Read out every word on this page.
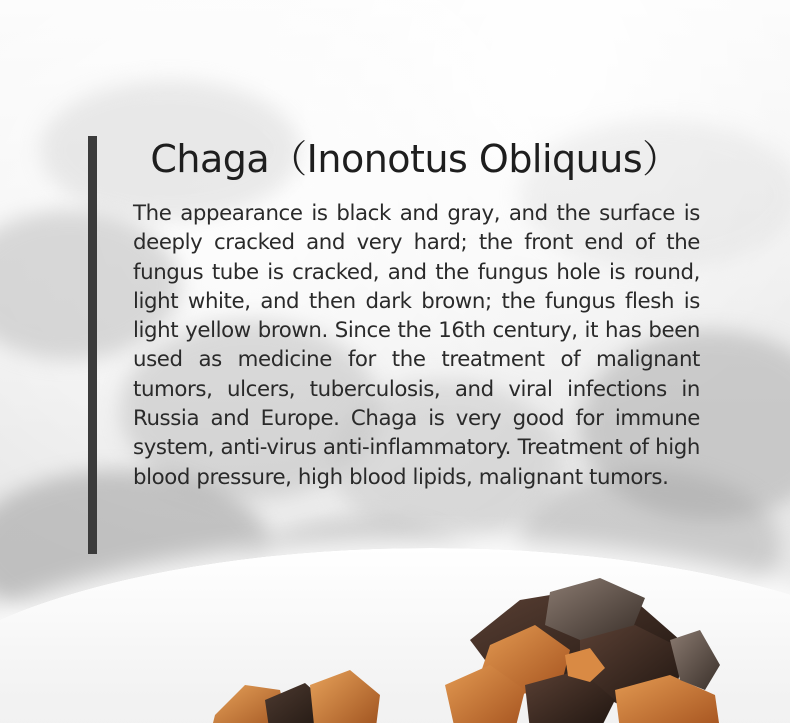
Chaga（Inonotus Obliquus）

The appearance is black and gray, and the surface is deeply cracked and very hard; the front end of the fungus tube is cracked, and the fungus hole is round, light white, and then dark brown; the fungus flesh is light yellow brown. Since the 16th century, it has been used as medicine for the treatment of malignant tumors, ulcers, tuberculosis, and viral infections in Russia and Europe. Chaga is very good for immune system, anti-virus anti-inflammatory. Treatment of high blood pressure, high blood lipids, malignant tumors.
